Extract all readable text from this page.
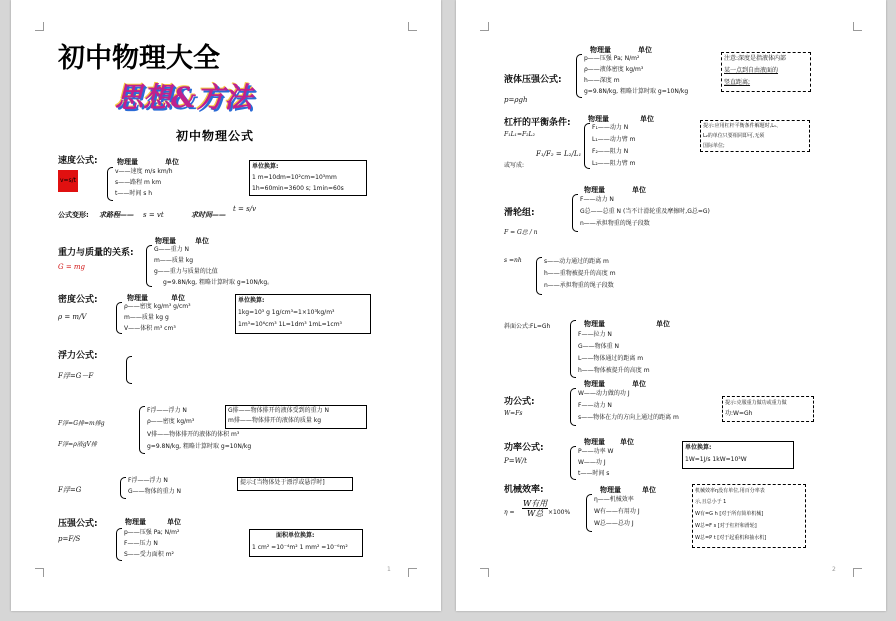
初中物理大全
思想&方法
初中物理公式
速度公式:
v=s/t
物理量	单位
v——速度 m/s km/h
s——路程 m km
t——时间 s h
单位换算:
1 m=10dm=10²cm=10³mm
1h=60min=3600 s; 1min=60s
公式变形: 求路程—— s = vt	求时间——
t = s/v
重力与质量的关系:
G = mg
物理量	单位
G——重力 N
m——质量 kg
g——重力与质量的比值
g=9.8N/kg, 粗略计算时取 g=10N/kg。
密度公式:
ρ = m/V
物理量	单位
ρ——密度 kg/m³ g/cm³
m——质量 kg g
V——体积 m³ cm³
单位换算:
1kg=10³ g 1g/cm³=1×10³kg/m³
1m³=10⁶cm³ 1L=1dm³ 1mL=1cm³
浮力公式:
F浮=G－F
F浮=G排=m排g
F浮=ρ液gV排
F浮——浮力 N
ρ——密度 kg/m³
V排——物体排开的液体的体积 m³
g=9.8N/kg, 粗略计算时取 g=10N/kg
G排——物体排开的液体受到的重力 N
m排——物体排开的液体的质量 kg
F浮=G
F浮——浮力 N
G——物体的重力 N
提示:[当物体处于漂浮或悬浮时]
压强公式:
p=F/S
物理量	单位
p——压强 Pa; N/m²
F——压力 N
S——受力面积 m²
面积单位换算:
1 cm² =10⁻⁴m² 1 mm² =10⁻⁶m²
1
液体压强公式:
p=ρgh
物理量	单位
p——压强 Pa; N/m²
ρ——液体密度 kg/m³
h——深度 m
g=9.8N/kg, 粗略计算时取 g=10N/kg
注意:深度是指液体内部
某一点到自由液面的
竖直距离;
杠杆的平衡条件:
F₁L₁=F₂L₂
或写成:
F₁/F₂ = L₂/L₁
物理量	单位
F₁——动力 N
L₁——动力臂 m
F₂——阻力 N
L₂——阻力臂 m
提示:应用杠杆平衡条件解题时,L₁、
L₂的单位只要相同即可,无须
国际单位;
滑轮组:
F = G总 / n
物理量	单位
F——动力 N
G总——总重 N (当不计滑轮重及摩擦时,G总=G)
n——承担物重的绳子段数
s =nh	s——动力通过的距离 m
h——重物被提升的高度 m
n——承担物重的绳子段数
斜面公式:FL=Gh	物理量	单位
F——拉力 N
G——物体重 N
L——物体通过的距离 m
h——物体被提升的高度 m
功公式:
W=Fs
物理量	单位
W——动力做的功 J
F——动力 N
s——物体在力的方向上通过的距离 m
提示:克服重力做功或重力做
功:W=Gh
功率公式:
P=W/t
物理量 单位
P——功率 W
W——功 J
t——时间 s
单位换算:
1W=1J/s 1kW=10³W
机械效率:
η =
W有用
W总 ×100%
物理量	单位
η——机械效率
W有——有用功 J
W总——总功 J
机械效率η没有单位,用百分率表
示,且总小于 1
W有=G h [对于所有简单机械]
W总=F s [对于杠杆和滑轮]
W总=P t [对于起重机和抽水机]
2
